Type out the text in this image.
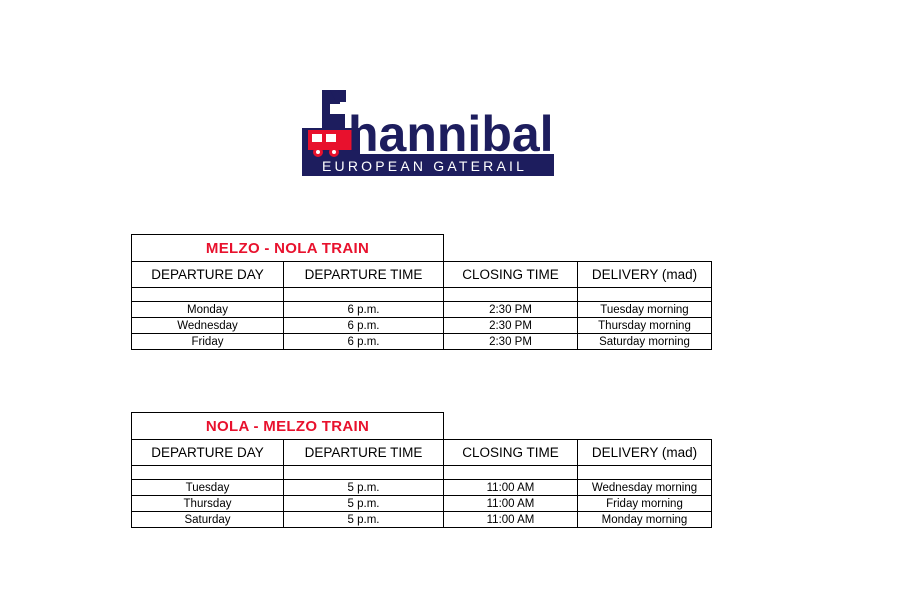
hannibal
EUROPEAN GATERAIL
MELZO - NOLA TRAIN			
DEPARTURE DAY	DEPARTURE TIME	CLOSING TIME	DELIVERY (mad)

Monday	6 p.m.	2:30 PM	Tuesday morning
Wednesday	6 p.m.	2:30 PM	Thursday morning
Friday	6 p.m.	2:30 PM	Saturday morning
NOLA - MELZO TRAIN			
DEPARTURE DAY	DEPARTURE TIME	CLOSING TIME	DELIVERY (mad)

Tuesday	5 p.m.	11:00 AM	Wednesday morning
Thursday	5 p.m.	11:00 AM	Friday morning
Saturday	5 p.m.	11:00 AM	Monday morning
